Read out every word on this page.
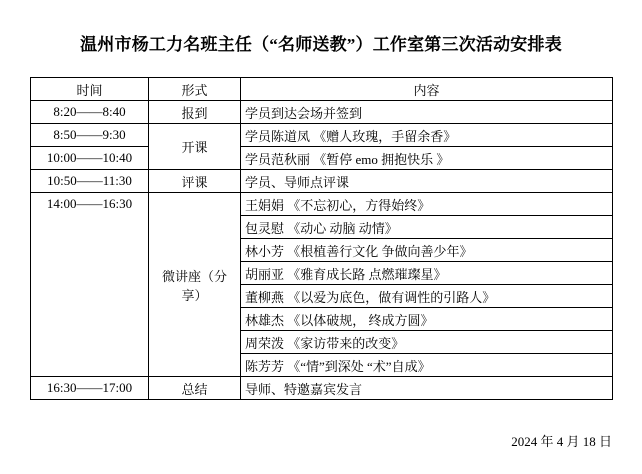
温州市杨工力名班主任（“名师送教”）工作室第三次活动安排表
时间	形式	内容
8:20——8:40	报到	学员到达会场并签到
8:50——9:30	开课	学员陈道凤 《赠人玫瑰，手留余香》
10:00——10:40		学员范秋丽 《暂停 emo 拥抱快乐 》
10:50——11:30	评课	学员、导师点评课
14:00——16:30	微讲座（分享）	王娟娟 《不忘初心，方得始终》
		包灵慰 《动心 动脑 动情》
		林小芳 《根植善行文化 争做向善少年》
		胡丽亚 《雅育成长路 点燃璀璨星》
		董柳燕 《以爱为底色，做有调性的引路人》
		林雄杰 《以体破规， 终成方圆》
		周荣泼 《家访带来的改变》
		陈芳芳 《“情”到深处 “术”自成》
16:30——17:00	总结	导师、特邀嘉宾发言
2024 年 4 月 18 日
